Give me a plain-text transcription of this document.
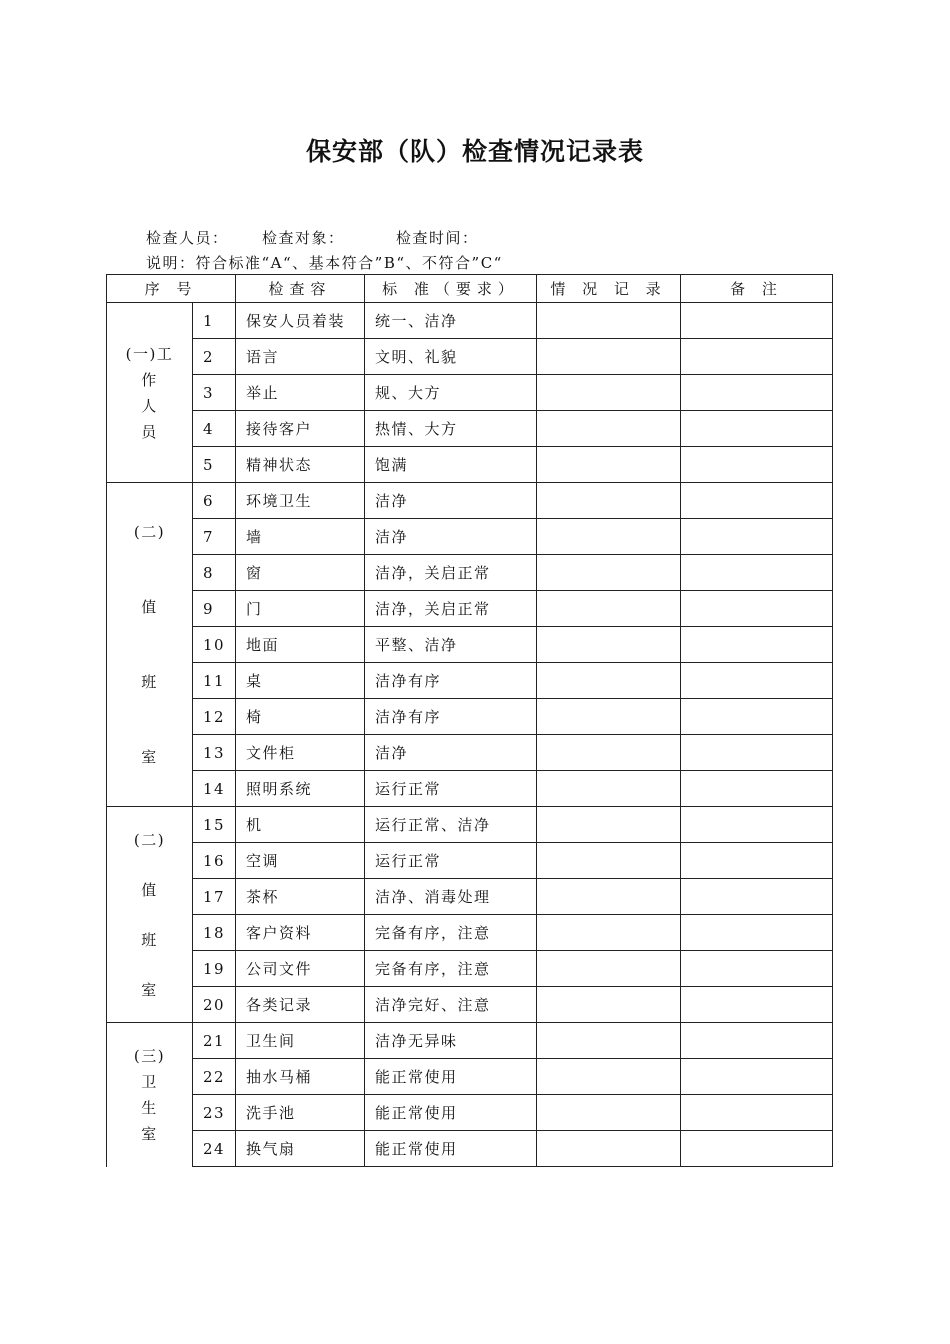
保安部（队）检查情况记录表
检查人员： 检查对象：	检查时间：
说明：符合标准“A“、基本符合”B“、不符合”C“
序 号		检查容	标 准（要求）	情 况 记 录	备 注

(一)工
作
人
员	1	保安人员着装	统一、洁净		
	2	语言	文明、礼貌		
	3	举止	规、大方		
	4	接待客户	热情、大方		
	5	精神状态	饱满		

(二)
值
班
室	6	环境卫生	洁净		
	7	墙	洁净		
	8	窗	洁净，关启正常		
	9	门	洁净，关启正常		
	10	地面	平整、洁净		
	11	桌	洁净有序		
	12	椅	洁净有序		
	13	文件柜	洁净		
	14	照明系统	运行正常		

(二)
值
班
室	15	机	运行正常、洁净		
	16	空调	运行正常		
	17	茶杯	洁净、消毒处理		
	18	客户资料	完备有序，注意		
	19	公司文件	完备有序，注意		
	20	各类记录	洁净完好、注意		

(三)
卫
生
室	21	卫生间	洁净无异味		
	22	抽水马桶	能正常使用		
	23	洗手池	能正常使用		
	24	换气扇	能正常使用		
